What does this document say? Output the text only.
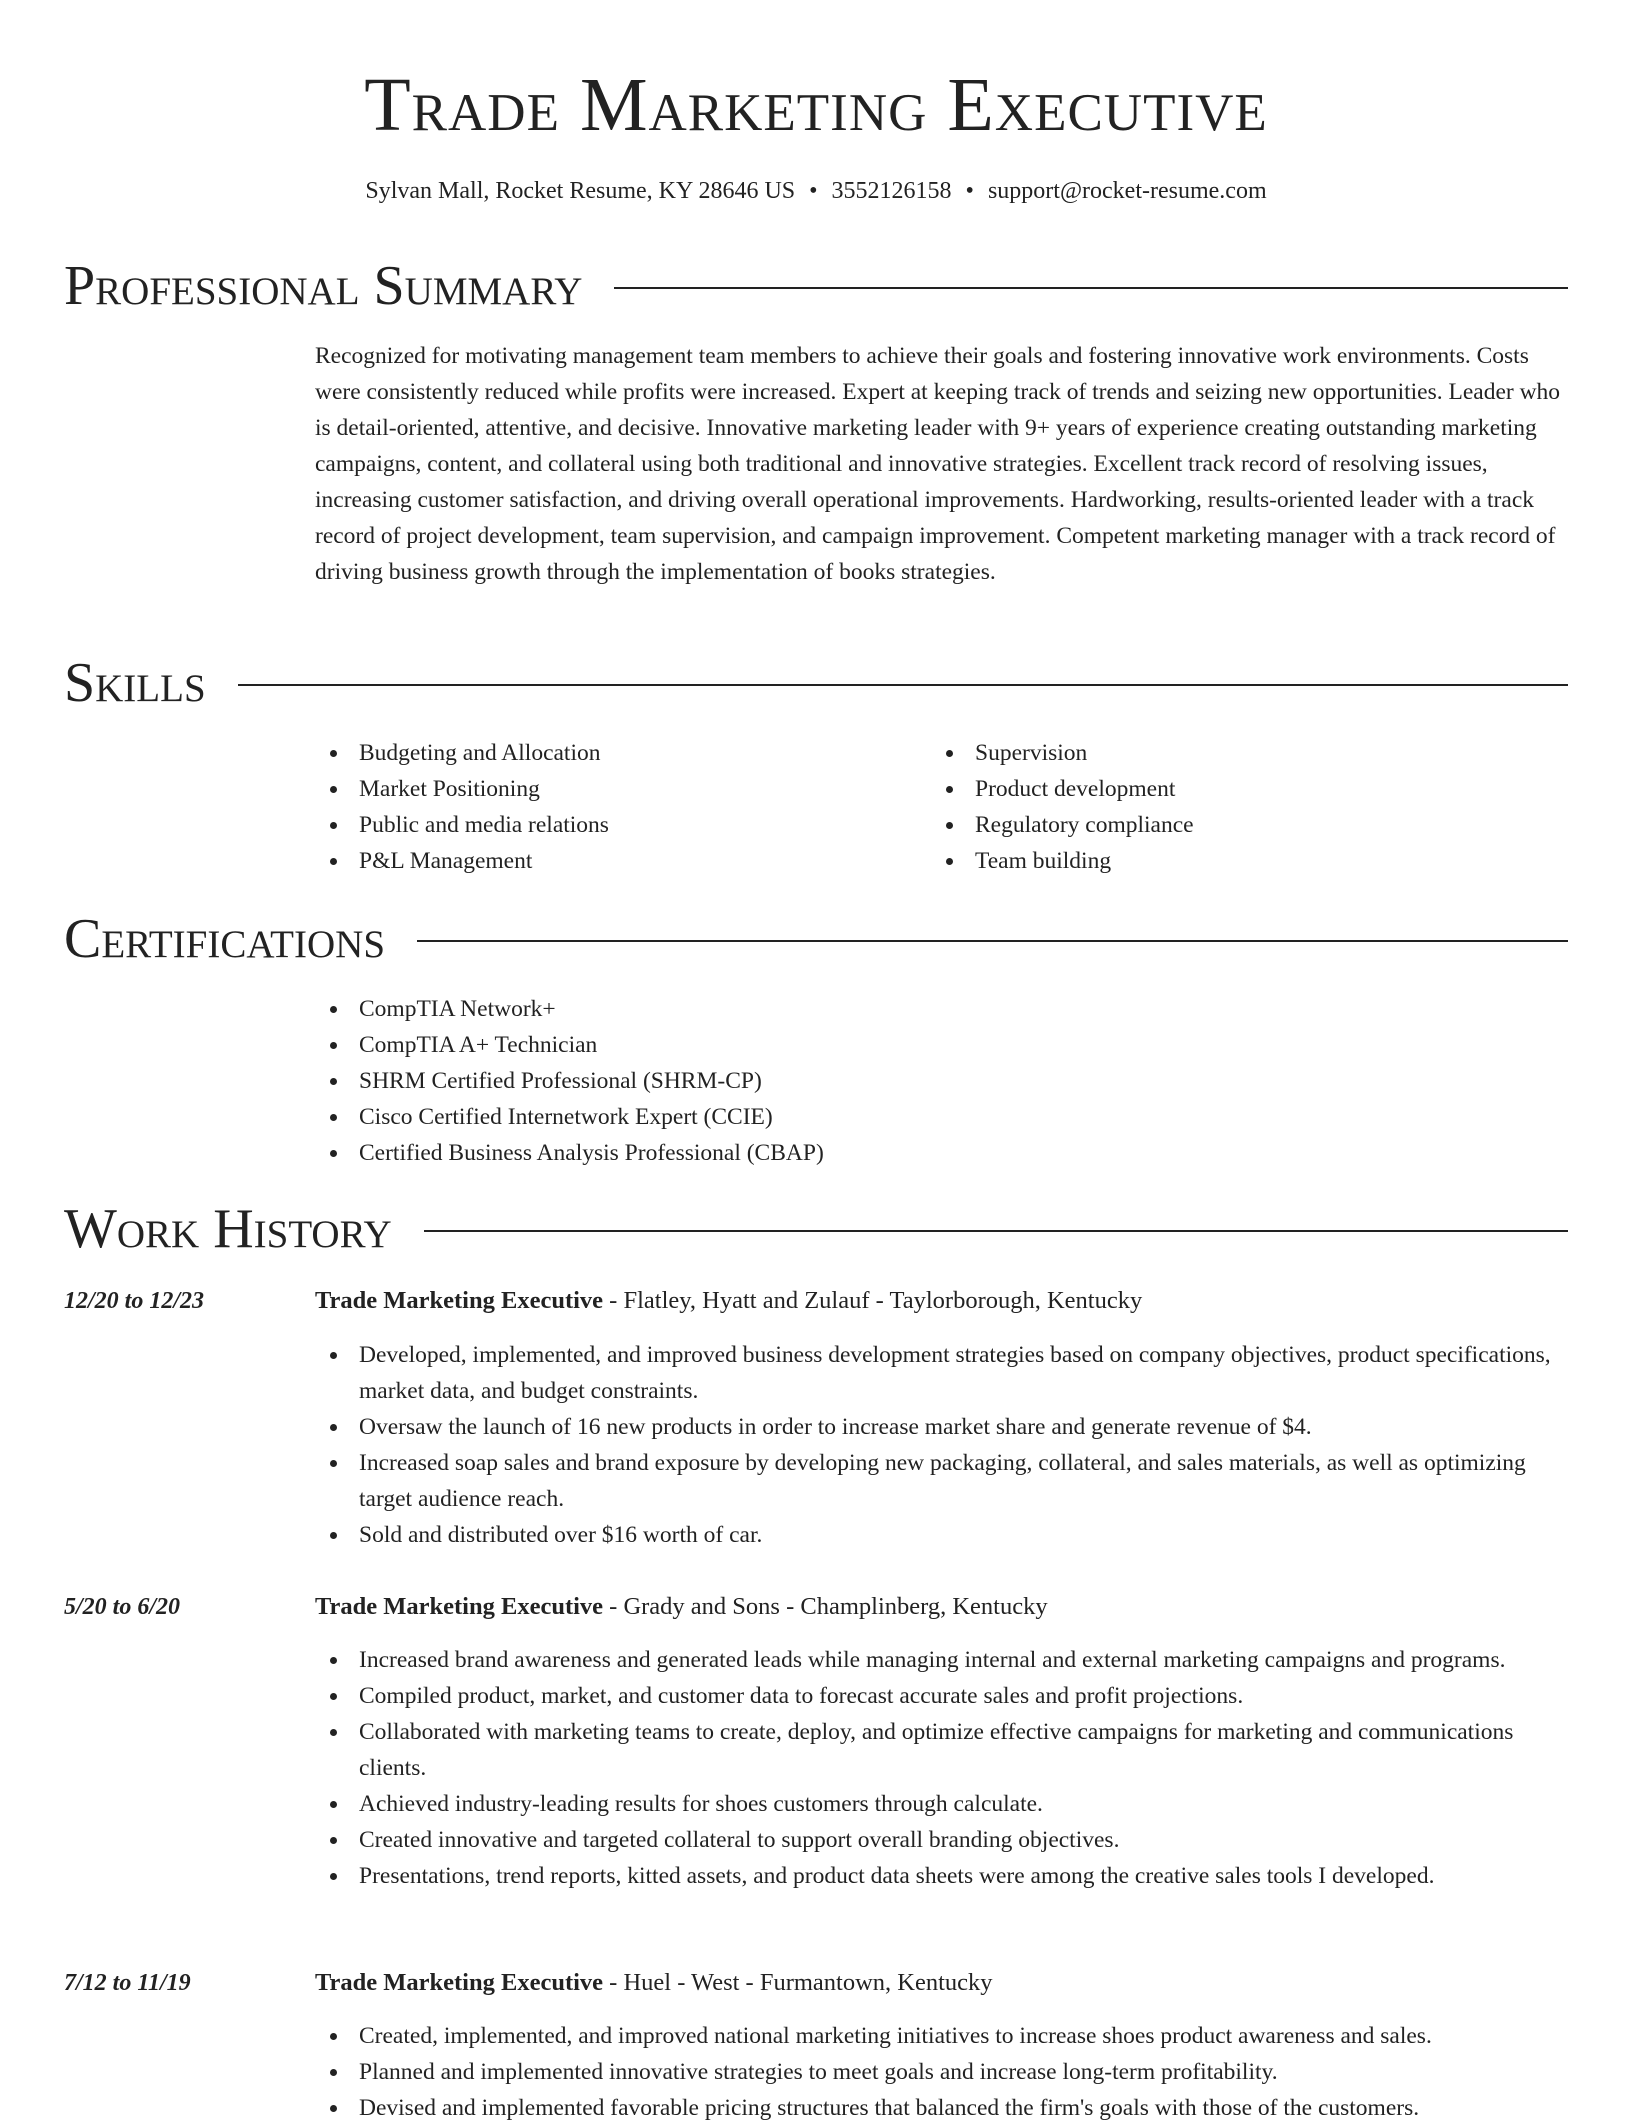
Trade Marketing Executive
Sylvan Mall, Rocket Resume, KY 28646 US • 3552126158 • support@rocket-resume.com
Professional Summary

Recognized for motivating management team members to achieve their goals and fostering innovative work environments. Costs were consistently reduced while profits were increased. Expert at keeping track of trends and seizing new opportunities. Leader who is detail-oriented, attentive, and decisive. Innovative marketing leader with 9+ years of experience creating outstanding marketing campaigns, content, and collateral using both traditional and innovative strategies. Excellent track record of resolving issues, increasing customer satisfaction, and driving overall operational improvements. Hardworking, results-oriented leader with a track record of project development, team supervision, and campaign improvement. Competent marketing manager with a track record of driving business growth through the implementation of books strategies.

Skills
Budgeting and Allocation
Market Positioning
Public and media relations
P&L Management
Supervision
Product development
Regulatory compliance
Team building
Certifications
CompTIA Network+
CompTIA A+ Technician
SHRM Certified Professional (SHRM-CP)
Cisco Certified Internetwork Expert (CCIE)
Certified Business Analysis Professional (CBAP)
Work History
12/20 to 12/23	Trade Marketing Executive - Flatley, Hyatt and Zulauf - Taylorborough, Kentucky
Developed, implemented, and improved business development strategies based on company objectives, product specifications, market data, and budget constraints.
Oversaw the launch of 16 new products in order to increase market share and generate revenue of $4.
Increased soap sales and brand exposure by developing new packaging, collateral, and sales materials, as well as optimizing target audience reach.
Sold and distributed over $16 worth of car.
5/20 to 6/20	Trade Marketing Executive - Grady and Sons - Champlinberg, Kentucky
Increased brand awareness and generated leads while managing internal and external marketing campaigns and programs.
Compiled product, market, and customer data to forecast accurate sales and profit projections.
Collaborated with marketing teams to create, deploy, and optimize effective campaigns for marketing and communications clients.
Achieved industry-leading results for shoes customers through calculate.
Created innovative and targeted collateral to support overall branding objectives.
Presentations, trend reports, kitted assets, and product data sheets were among the creative sales tools I developed.
7/12 to 11/19	Trade Marketing Executive - Huel - West - Furmantown, Kentucky
Created, implemented, and improved national marketing initiatives to increase shoes product awareness and sales.
Planned and implemented innovative strategies to meet goals and increase long-term profitability.
Devised and implemented favorable pricing structures that balanced the firm's goals with those of the customers.
